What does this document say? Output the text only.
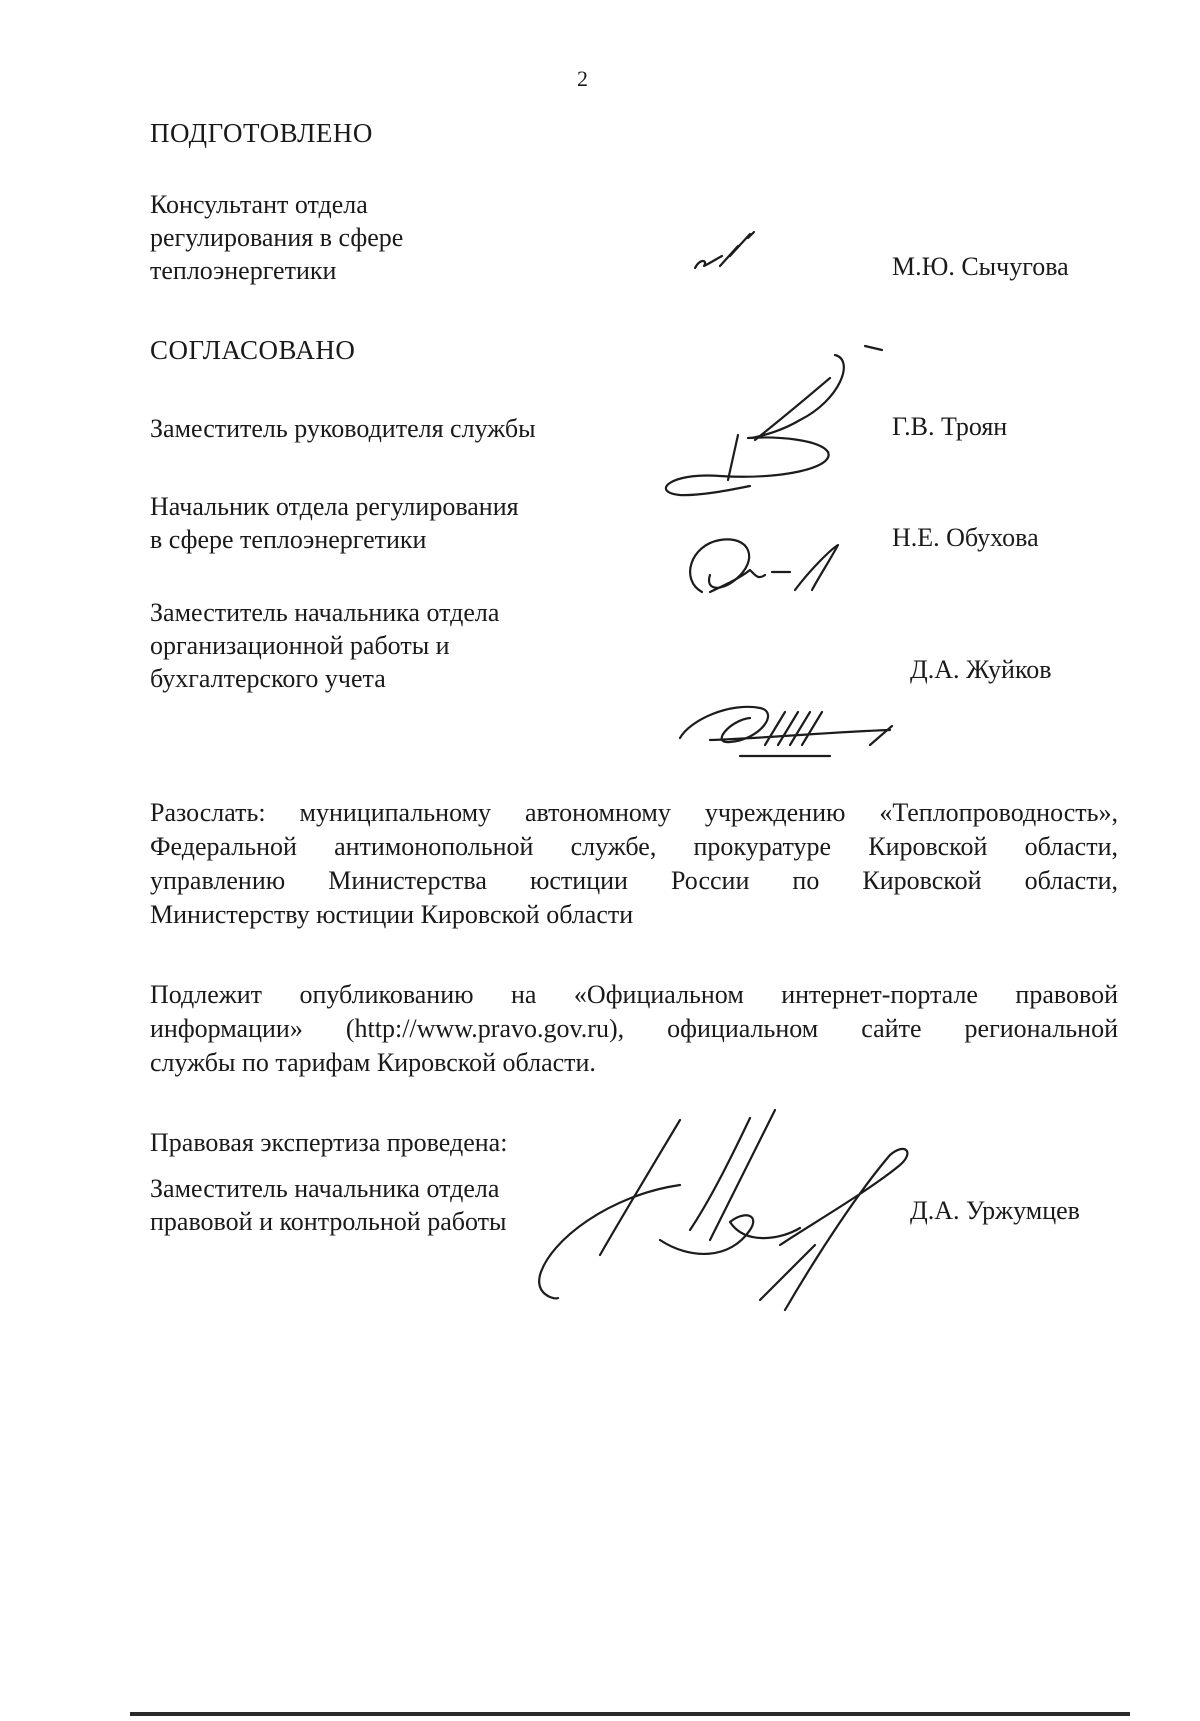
2
ПОДГОТОВЛЕНО
Консультант отдела
регулирования в сфере
теплоэнергетики	М.Ю. Сычугова
СОГЛАСОВАНО
Заместитель руководителя службы	Г.В. Троян
Начальник отдела регулирования
в сфере теплоэнергетики	Н.Е. Обухова
Заместитель начальника отдела
организационной работы и
бухгалтерского учета	Д.А. Жуйков
Разослать: муниципальному автономному учреждению «Теплопроводность»,
Федеральной антимонопольной службе, прокуратуре Кировской области,
управлению Министерства юстиции России по Кировской области,
Министерству юстиции Кировской области
Подлежит опубликованию на «Официальном интернет-портале правовой
информации» (http://www.pravo.gov.ru), официальном сайте региональной
службы по тарифам Кировской области.
Правовая экспертиза проведена:
Заместитель начальника отдела
правовой и контрольной работы	Д.А. Уржумцев
